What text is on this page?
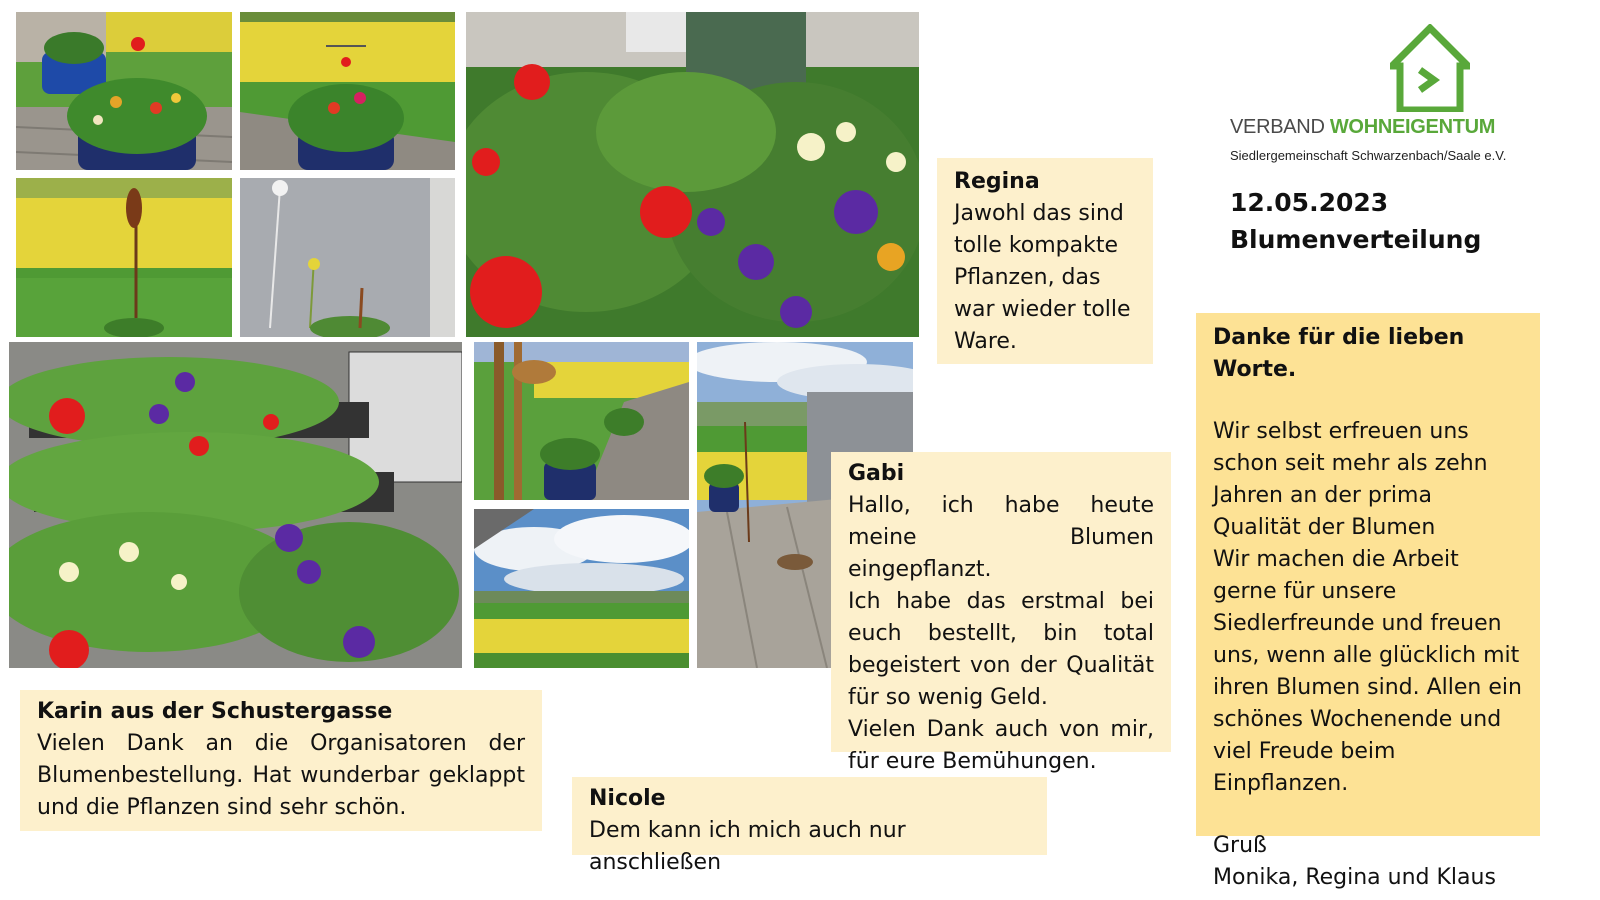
VERBAND WOHNEIGENTUM
Siedlergemeinschaft Schwarzenbach/Saale e.V.
12.05.2023
Blumenverteilung
Regina
Jawohl das sind tolle kompakte Pflanzen, das war wieder tolle Ware.
Gabi
Hallo, ich habe heute meine Blumen eingepflanzt.
Ich habe das erstmal bei euch bestellt, bin total begeistert von der Qualität für so wenig Geld.
Vielen Dank auch von mir, für eure Bemühungen.
Karin aus der Schustergasse
Vielen Dank an die Organisatoren der Blumenbestellung. Hat wunderbar geklappt und die Pflanzen sind sehr schön.	Nicole
Dem kann ich mich auch nur anschließen
Danke für die lieben Worte.
Wir selbst erfreuen uns schon seit mehr als zehn Jahren an der prima Qualität der Blumen
Wir machen die Arbeit gerne für unsere Siedlerfreunde und freuen uns, wenn alle glücklich mit ihren Blumen sind. Allen ein schönes Wochenende und viel Freude beim Einpflanzen.
Gruß
Monika, Regina und Klaus
